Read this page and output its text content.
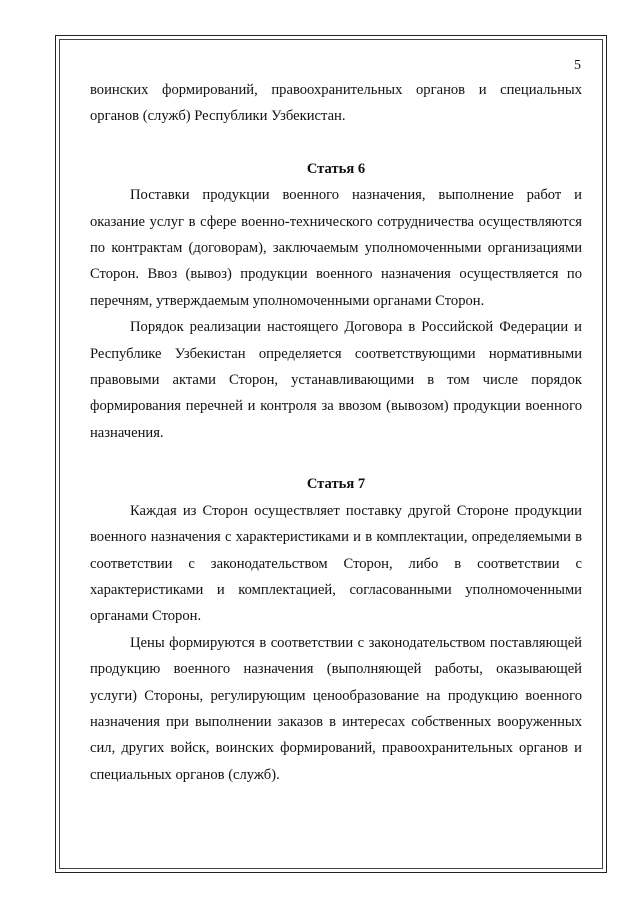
5

воинских формирований, правоохранительных органов и специальных органов (служб) Республики Узбекистан.

Статья 6

Поставки продукции военного назначения, выполнение работ и оказание услуг в сфере военно-технического сотрудничества осуществляются по контрактам (договорам), заключаемым уполномоченными организациями Сторон. Ввоз (вывоз) продукции военного назначения осуществляется по перечням, утверждаемым уполномоченными органами Сторон.

Порядок реализации настоящего Договора в Российской Федерации и Республике Узбекистан определяется соответствующими нормативными правовыми актами Сторон, устанавливающими в том числе порядок формирования перечней и контроля за ввозом (вывозом) продукции военного назначения.

Статья 7

Каждая из Сторон осуществляет поставку другой Стороне продукции военного назначения с характеристиками и в комплектации, определяемыми в соответствии с законодательством Сторон, либо в соответствии с характеристиками и комплектацией, согласованными уполномоченными органами Сторон.

Цены формируются в соответствии с законодательством поставляющей продукцию военного назначения (выполняющей работы, оказывающей услуги) Стороны, регулирующим ценообразование на продукцию военного назначения при выполнении заказов в интересах собственных вооруженных сил, других войск, воинских формирований, правоохранительных органов и специальных органов (служб).
